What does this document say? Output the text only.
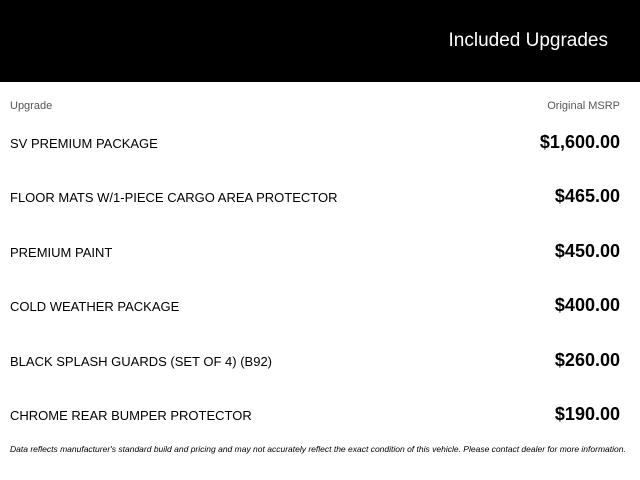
Included Upgrades
Upgrade	Original MSRP
SV PREMIUM PACKAGE	$1,600.00
FLOOR MATS W/1-PIECE CARGO AREA PROTECTOR	$465.00
PREMIUM PAINT	$450.00
COLD WEATHER PACKAGE	$400.00
BLACK SPLASH GUARDS (SET OF 4) (B92)	$260.00
CHROME REAR BUMPER PROTECTOR	$190.00
Data reflects manufacturer's standard build and pricing and may not accurately reflect the exact condition of this vehicle. Please contact dealer for more information.
